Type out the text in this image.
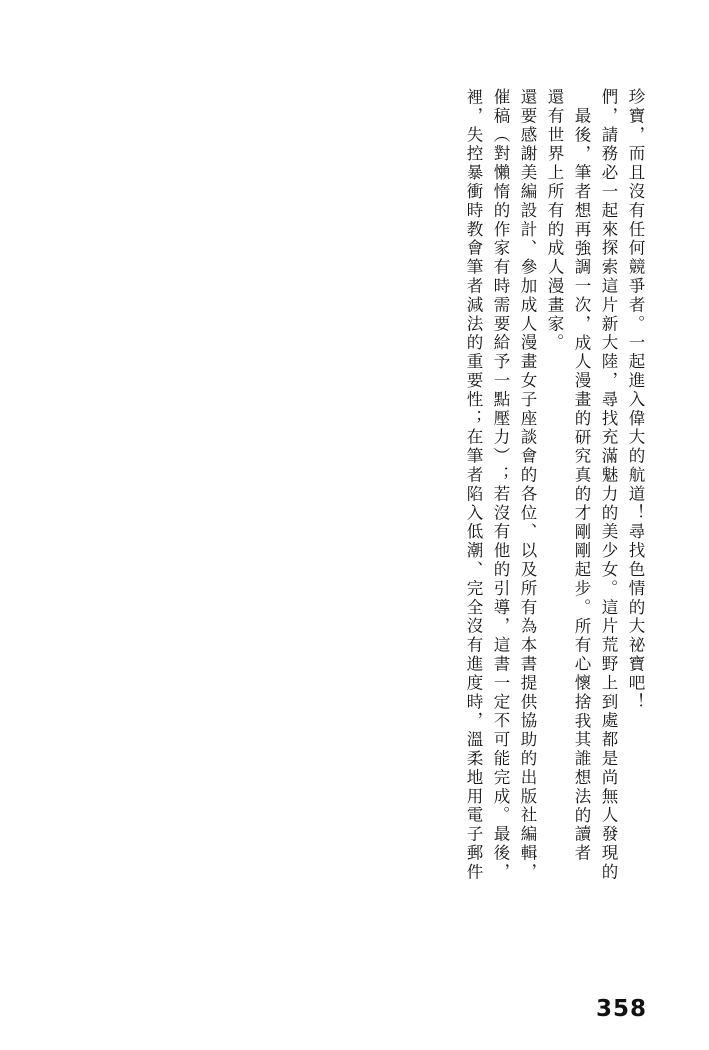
裡，失控暴衝時教會筆者減法的重要性；在筆者陷入低潮、完全沒有進度時，溫柔地用電子郵件 催稿（對懶惰的作家有時需要給予一點壓力）；若沒有他的引導，這書一定不可能完成。最後， 還要感謝美編設計、參加成人漫畫女子座談會的各位、以及所有為本書提供協助的出版社編輯， 還有世界上所有的成人漫畫家。 最後，筆者想再強調一次，成人漫畫的研究真的才剛剛起步。所有心懷捨我其誰想法的讀者 們，請務必一起來探索這片新大陸，尋找充滿魅力的美少女。這片荒野上到處都是尚無人發現的 珍寶，而且沒有任何競爭者。一起進入偉大的航道！尋找色情的大祕寶吧！
358
